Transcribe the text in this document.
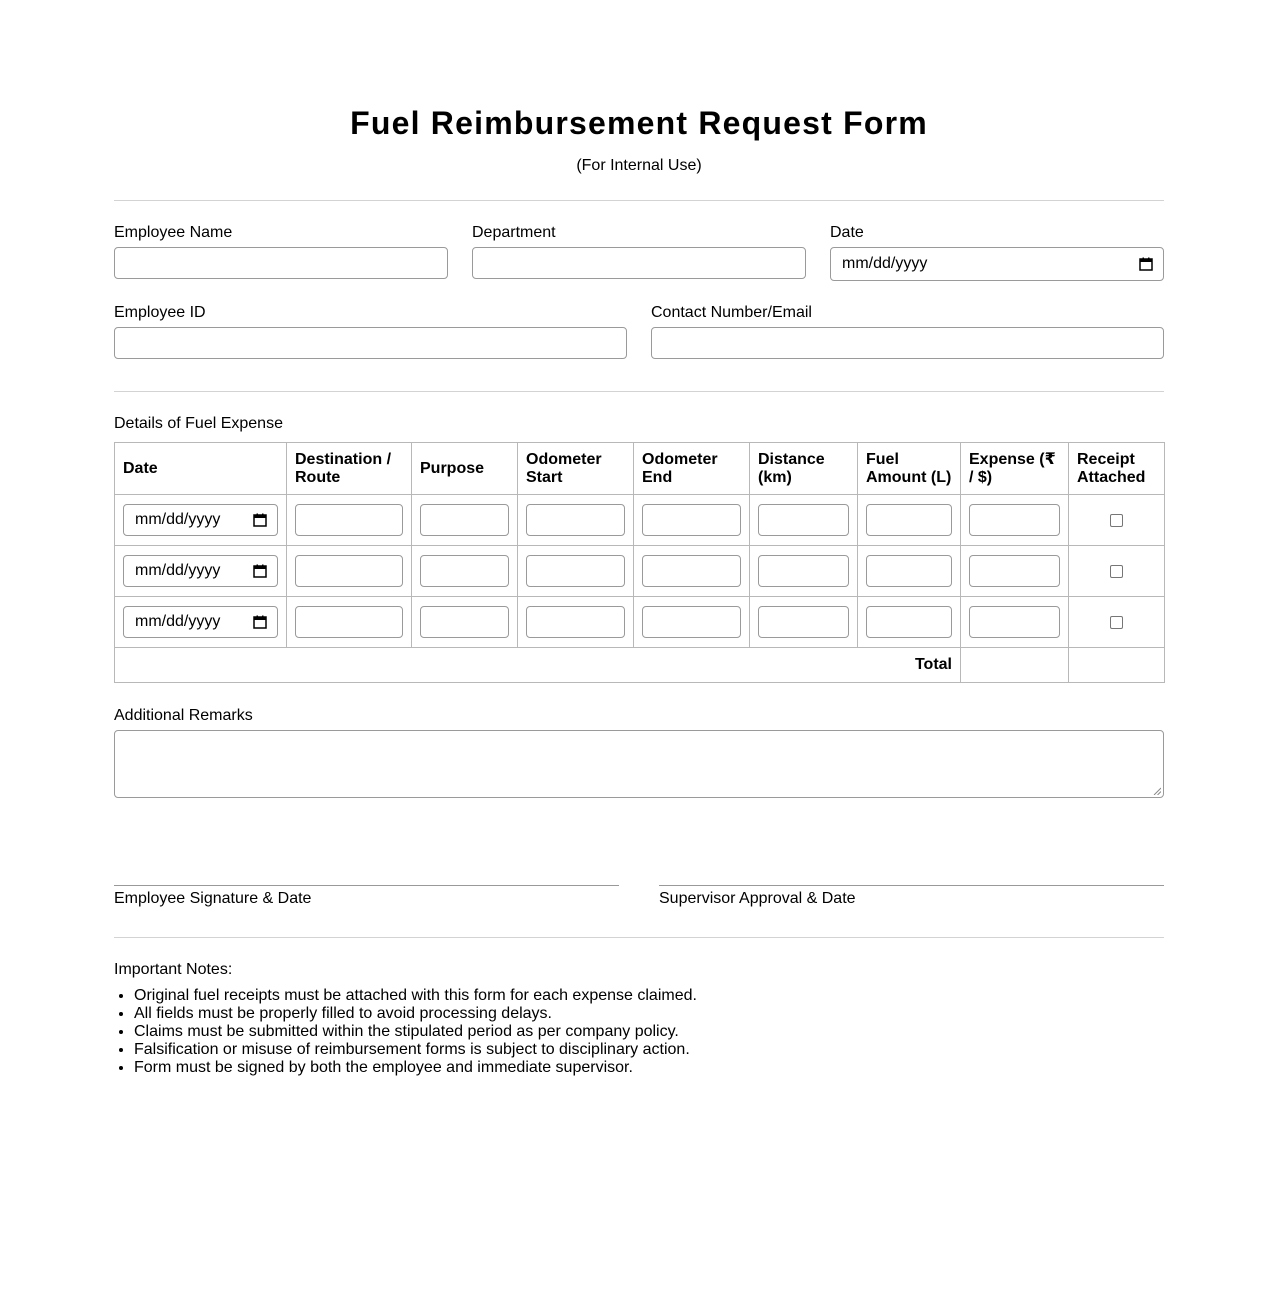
Fuel Reimbursement Request Form
(For Internal Use)
Employee Name	Department	Date
mm/dd/yyyy
Employee ID	Contact Number/Email
Details of Fuel Expense
Date	Destination / Route	Purpose	Odometer Start	Odometer End	Distance (km)	Fuel Amount (L)	Expense (₹ / $)	Receipt Attached

mm/dd/yyyy								

mm/dd/yyyy								

mm/dd/yyyy								

Total								
Additional Remarks
Employee Signature & Date	Supervisor Approval & Date
Important Notes:
• Original fuel receipts must be attached with this form for each expense claimed.
• All fields must be properly filled to avoid processing delays.
• Claims must be submitted within the stipulated period as per company policy.
• Falsification or misuse of reimbursement forms is subject to disciplinary action.
• Form must be signed by both the employee and immediate supervisor.
